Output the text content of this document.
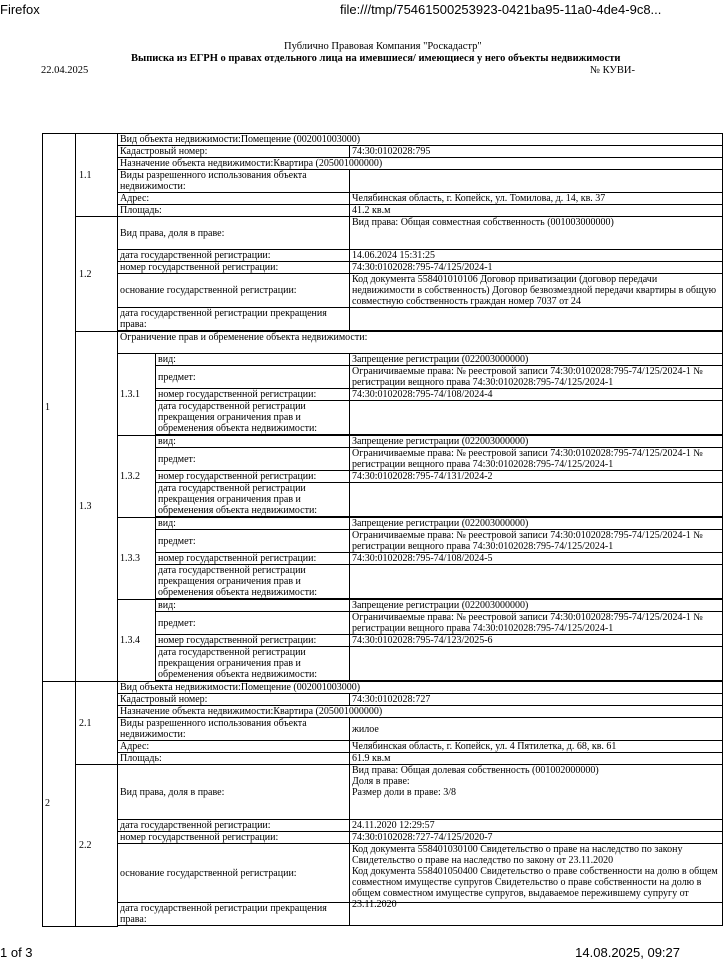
Firefox	file:///tmp/75461500253923-0421ba95-11a0-4de4-9c8...
Публично Правовая Компания "Роскадастр"
Выписка из ЕГРН о правах отдельного лица на имевшиеся/ имеющиеся у него объекты недвижимости
22.04.2025	№ КУВИ-
1	1.1	Вид объекта недвижимости:Помещение (002001003000)		
		Кадастровый номер:		74:30:0102028:795
		Назначение объекта недвижимости:Квартира (205001000000)		
		Виды разрешенного использования объекта недвижимости:		
		Адрес:		Челябинская область, г. Копейск, ул. Томилова, д. 14, кв. 37
		Площадь:		41.2 кв.м
	1.2	Вид права, доля в праве:		Вид права: Общая совместная собственность (001003000000)
		дата государственной регистрации:		14.06.2024 15:31:25
		номер государственной регистрации:		74:30:0102028:795-74/125/2024-1
		основание государственной регистрации:		Код документа 558401010106 Договор приватизации (договор передачи недвижимости в собственность) Договор безвозмездной передачи квартиры в общую совместную собственность граждан номер 7037 от 24
		дата государственной регистрации прекращения права:		

	1.3	Ограничение прав и обременение объекта недвижимости:		
		1.3.1	вид:	Запрещение регистрации (022003000000)
			предмет:	Ограничиваемые права: № реестровой записи 74:30:0102028:795-74/125/2024-1 № регистрации вещного права 74:30:0102028:795-74/125/2024-1
			номер государственной регистрации:	74:30:0102028:795-74/108/2024-4
			дата государственной регистрации прекращения ограничения прав и обременения объекта недвижимости:	

		1.3.2	вид:	Запрещение регистрации (022003000000)
			предмет:	Ограничиваемые права: № реестровой записи 74:30:0102028:795-74/125/2024-1 № регистрации вещного права 74:30:0102028:795-74/125/2024-1
			номер государственной регистрации:	74:30:0102028:795-74/131/2024-2
			дата государственной регистрации прекращения ограничения прав и обременения объекта недвижимости:	

		1.3.3	вид:	Запрещение регистрации (022003000000)
			предмет:	Ограничиваемые права: № реестровой записи 74:30:0102028:795-74/125/2024-1 № регистрации вещного права 74:30:0102028:795-74/125/2024-1
			номер государственной регистрации:	74:30:0102028:795-74/108/2024-5
			дата государственной регистрации прекращения ограничения прав и обременения объекта недвижимости:	

		1.3.4	вид:	Запрещение регистрации (022003000000)
			предмет:	Ограничиваемые права: № реестровой записи 74:30:0102028:795-74/125/2024-1 № регистрации вещного права 74:30:0102028:795-74/125/2024-1
			номер государственной регистрации:	74:30:0102028:795-74/123/2025-6
			дата государственной регистрации прекращения ограничения прав и обременения объекта недвижимости:	

2	2.1	Вид объекта недвижимости:Помещение (002001003000)		
		Кадастровый номер:		74:30:0102028:727
		Назначение объекта недвижимости:Квартира (205001000000)		
		Виды разрешенного использования объекта недвижимости:		жилое
		Адрес:		Челябинская область, г. Копейск, ул. 4 Пятилетка, д. 68, кв. 61
		Площадь:		61.9 кв.м
	2.2	Вид права, доля в праве:		Вид права: Общая долевая собственность (001002000000)
Доля в праве:
Размер доли в праве: 3/8

		дата государственной регистрации:		24.11.2020 12:29:57
		номер государственной регистрации:		74:30:0102028:727-74/125/2020-7
		основание государственной регистрации:		Код документа 558401030100 Свидетельство о праве на наследство по закону Свидетельство о праве на наследство по закону от 23.11.2020
Код документа 558401050400 Свидетельство о праве собственности на долю в общем совместном имуществе супругов Свидетельство о праве собственности на долю в общем совместном имуществе супругов, выдаваемое пережившему супругу от 23.11.2020

		дата государственной регистрации прекращения права:		

1 of 3	14.08.2025, 09:27
